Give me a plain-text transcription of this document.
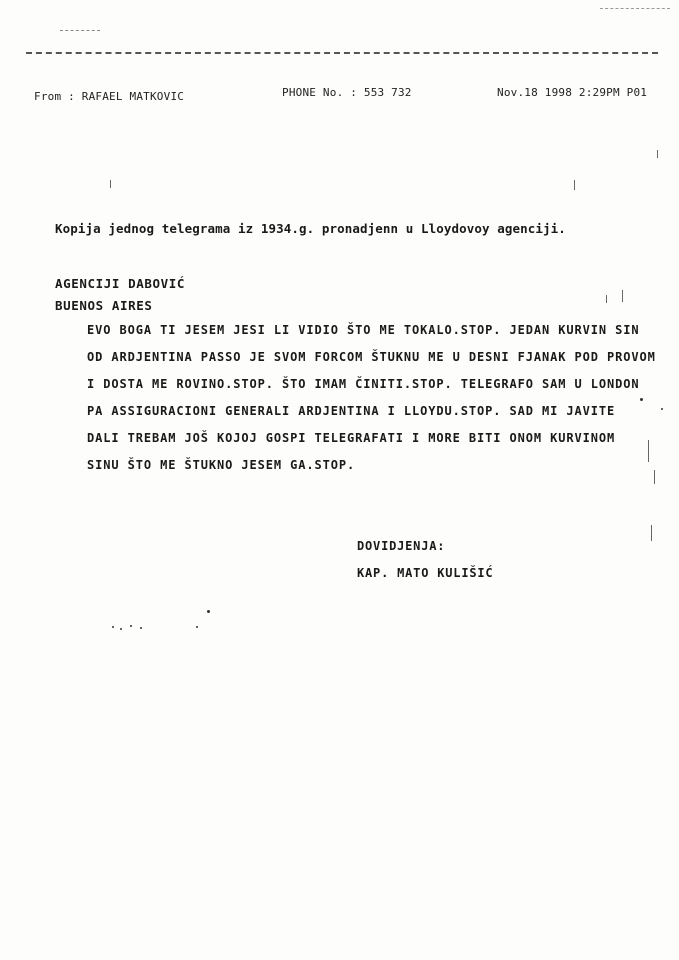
From : RAFAEL MATKOVIC	PHONE No. : 553 732	Nov.18 1998 2:29PM P01
Kopija jednog telegrama iz 1934.g. pronadjenn u Lloydovoy agenciji.
AGENCIJI DABOVIĆ
BUENOS AIRES
EVO BOGA TI JESEM JESI LI VIDIO ŠTO ME TOKALO.STOP. JEDAN KURVIN SIN
OD ARDJENTINA PASSO JE SVOM FORCOM ŠTUKNU ME U DESNI FJANAK POD PROVOM
I DOSTA ME ROVINO.STOP. ŠTO IMAM ČINITI.STOP. TELEGRAFO SAM U LONDON
PA ASSIGURACIONI GENERALI ARDJENTINA I LLOYDU.STOP. SAD MI JAVITE
DALI TREBAM JOŠ KOJOJ GOSPI TELEGRAFATI I MORE BITI ONOM KURVINOM
SINU ŠTO ME ŠTUKNO JESEM GA.STOP.
DOVIDJENJA:
KAP. MATO KULIŠIĆ
